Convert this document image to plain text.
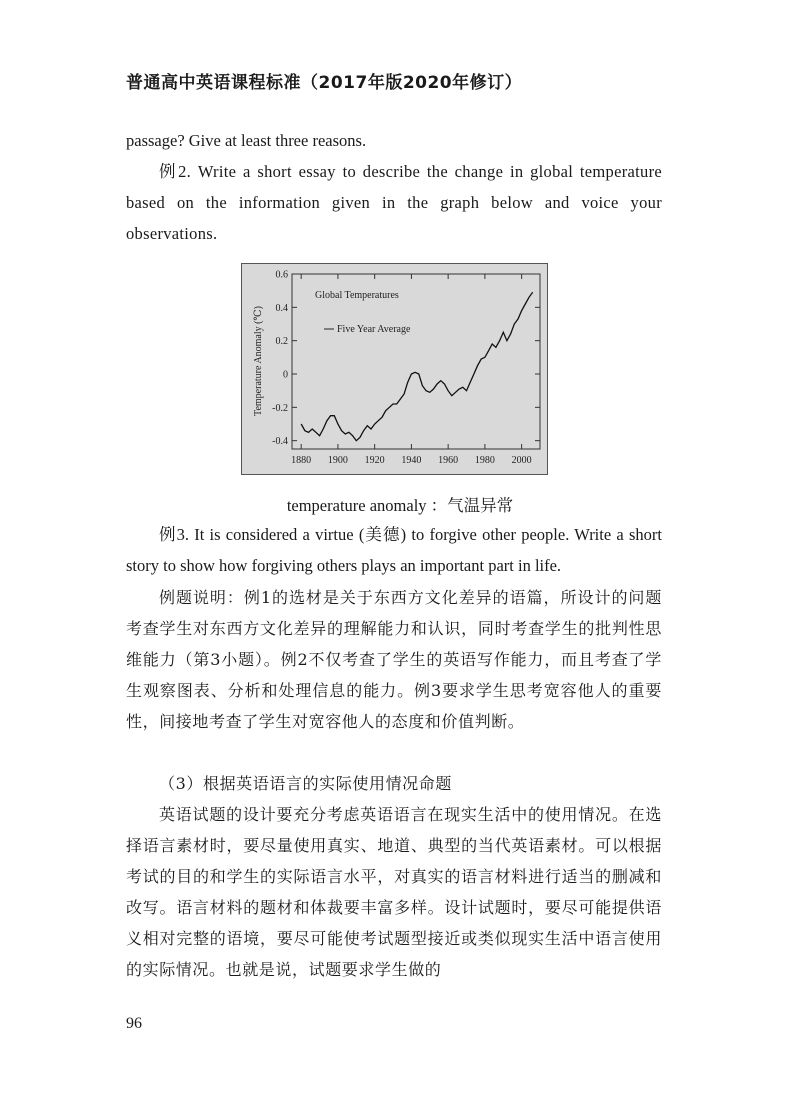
普通高中英语课程标准（2017年版2020年修订）
passage? Give at least three reasons.
例2. Write a short essay to describe the change in global temperature based on the information given in the graph below and voice your observations.
0.6
0.4
0.2
0
-0.2
-0.4
1880 1900 1920 1940 1960 1980 2000
Temperature Anomaly (℃)
Global Temperatures
Five Year Average
temperature anomaly ：气温异常
例3. It is considered a virtue (美德) to forgive other people. Write a short story to show how forgiving others plays an important part in life.
例题说明：例1的选材是关于东西方文化差异的语篇，所设计的问题考查学生对东西方文化差异的理解能力和认识，同时考查学生的批判性思维能力（第3小题）。例2不仅考查了学生的英语写作能力，而且考查了学生观察图表、分析和处理信息的能力。例3要求学生思考宽容他人的重要性，间接地考查了学生对宽容他人的态度和价值判断。
（3）根据英语语言的实际使用情况命题
英语试题的设计要充分考虑英语语言在现实生活中的使用情况。在选择语言素材时，要尽量使用真实、地道、典型的当代英语素材。可以根据考试的目的和学生的实际语言水平，对真实的语言材料进行适当的删减和改写。语言材料的题材和体裁要丰富多样。设计试题时，要尽可能提供语义相对完整的语境，要尽可能使考试题型接近或类似现实生活中语言使用的实际情况。也就是说，试题要求学生做的
96
